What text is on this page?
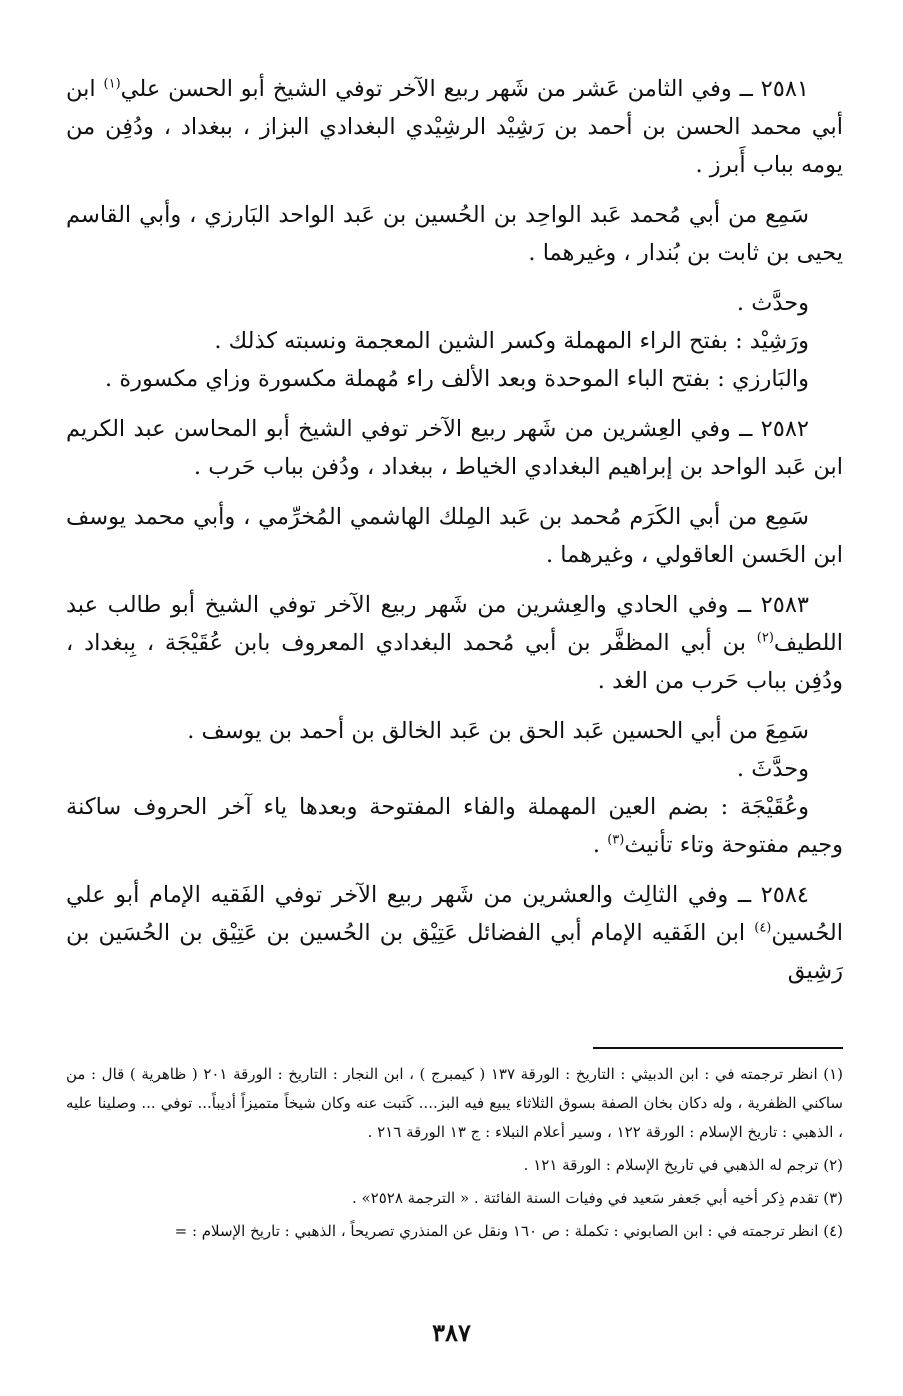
٢٥٨١ ــ وفي الثامن عَشر من شَهر ربيع الآخر توفي الشيخ أبو الحسن علي$^{(١)}$ ابن أبي محمد الحسن بن أحمد بن رَشِيْد الرشِيْدي البغدادي البزاز ، ببغداد ، ودُفِن من يومه بباب أَبرز .

سَمِع من أبي مُحمد عَبد الواحِد بن الحُسين بن عَبد الواحد البَارزي ، وأبي القاسم يحيى بن ثابت بن بُندار ، وغيرهما .

وحدَّث .

ورَشِيْد : بفتح الراء المهملة وكسر الشين المعجمة ونسبته كذلك .

والبَارزي : بفتح الباء الموحدة وبعد الألف راء مُهملة مكسورة وزاي مكسورة .

٢٥٨٢ ــ وفي العِشرين من شَهر ربيع الآخر توفي الشيخ أبو المحاسن عبد الكريم ابن عَبد الواحد بن إبراهيم البغدادي الخياط ، ببغداد ، ودُفن بباب حَرب .

سَمِع من أبي الكَرَم مُحمد بن عَبد المِلك الهاشمي المُخرِّمي ، وأبي محمد يوسف ابن الحَسن العاقولي ، وغيرهما .

٢٥٨٣ ــ وفي الحادي والعِشرين من شَهر ربيع الآخر توفي الشيخ أبو طالب عبد اللطيف$^{(٢)}$ بن أبي المظفَّر بن أبي مُحمد البغدادي المعروف بابن عُقَيْجَة ، بِبغداد ، ودُفِن بباب حَرب من الغد .

سَمِعَ من أبي الحسين عَبد الحق بن عَبد الخالق بن أحمد بن يوسف .

وحدَّثَ .

وعُقَيْجَة : بضم العين المهملة والفاء المفتوحة وبعدها ياء آخر الحروف ساكنة وجيم مفتوحة وتاء تأنيث$^{(٣)}$ .

٢٥٨٤ ــ وفي الثالِث والعشرين من شَهر ربيع الآخر توفي الفَقيه الإمام أبو علي الحُسين$^{(٤)}$ ابن الفَقيه الإمام أبي الفضائل عَتِيْق بن الحُسين بن عَتِيْق بن الحُسَين بن رَشِيق

(١) انظر ترجمته في : ابن الدبيثي : التاريخ : الورقة ١٣٧ ( كيمبرج ) ، ابن النجار : التاريخ : الورقة ٢٠١ ( ظاهرية ) قال : من ساكني الظفرية ، وله دكان بخان الصفة بسوق الثلاثاء يبيع فيه البز.... كَتبت عنه وكان شيخاً متميزاً أديباً... توفي ... وصلينا عليه ، الذهبي : تاريخ الإسلام : الورقة ١٢٢ ، وسير أعلام النبلاء : ج ١٣ الورقة ٢١٦ .

(٢) ترجم له الذهبي في تاريخ الإسلام : الورقة ١٢١ .

(٣) تقدم ذِكر أخيه أبي جَعفر سَعيد في وفيات السنة الفائتة . « الترجمة ٢٥٢٨» .

(٤) انظر ترجمته في : ابن الصابوني : تكملة : ص ١٦٠ ونقل عن المنذري تصريحاً ، الذهبي : تاريخ الإسلام : =

٣٨٧
